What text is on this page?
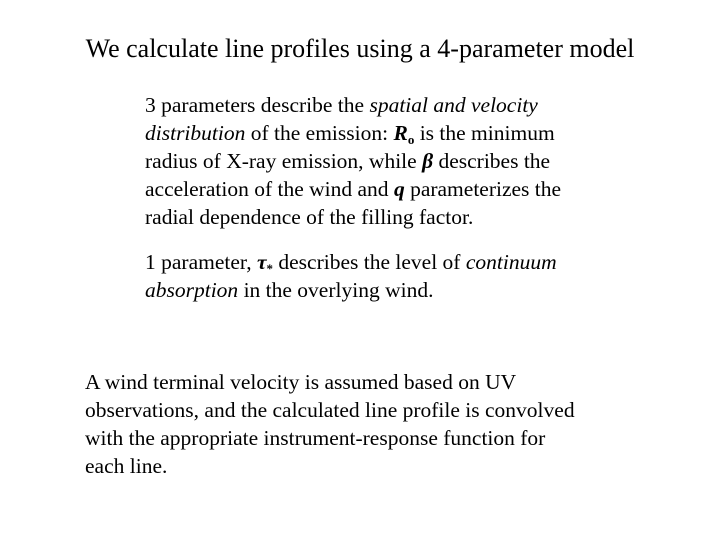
We calculate line profiles using a 4-parameter model
3 parameters describe the spatial and velocity
distribution of the emission: $R_o$ is the minimum
radius of X-ray emission, while β describes the
acceleration of the wind and q parameterizes the
radial dependence of the filling factor.
1 parameter, $\tau_*$ describes the level of continuum
absorption in the overlying wind.
A wind terminal velocity is assumed based on UV
observations, and the calculated line profile is convolved
with the appropriate instrument-response function for
each line.
